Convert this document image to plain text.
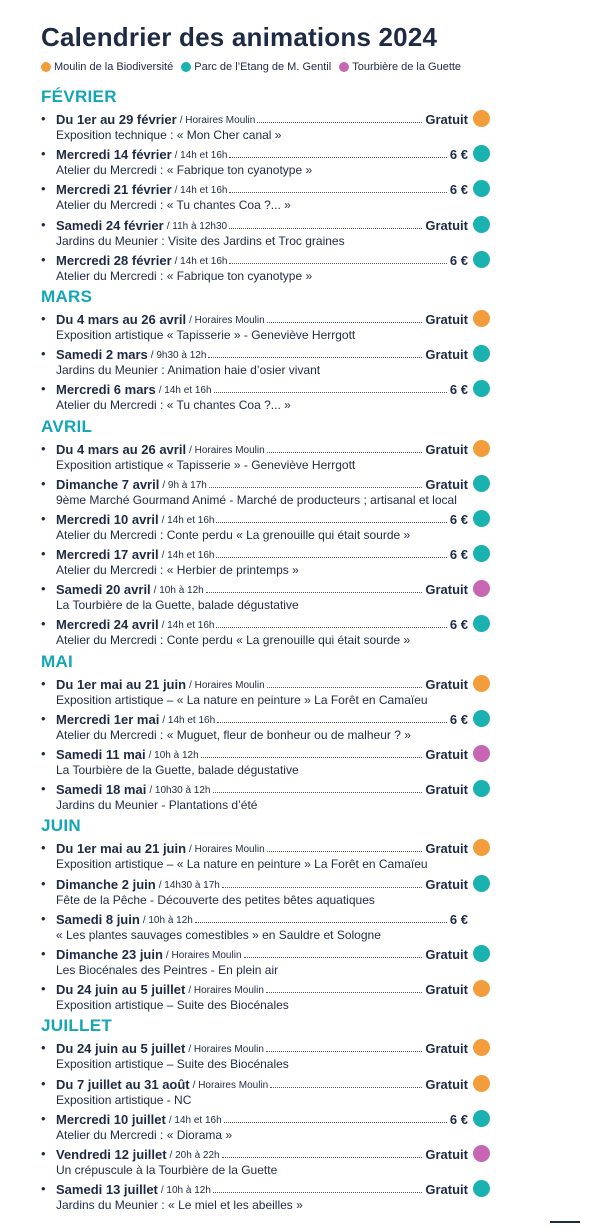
Calendrier des animations 2024
Moulin de la Biodiversité Parc de l’Etang de M. Gentil Tourbière de la Guette
FÉVRIER
• Du 1er au 29 février / Horaires Moulin	Gratuit
Exposition technique : « Mon Cher canal »
• Mercredi 14 février / 14h et 16h	6 €
Atelier du Mercredi : « Fabrique ton cyanotype »
• Mercredi 21 février / 14h et 16h	6 €
Atelier du Mercredi : « Tu chantes Coa ?... »
• Samedi 24 février / 11h à 12h30	Gratuit
Jardins du Meunier : Visite des Jardins et Troc graines
• Mercredi 28 février / 14h et 16h	6 €
Atelier du Mercredi : « Fabrique ton cyanotype »
MARS
• Du 4 mars au 26 avril / Horaires Moulin	Gratuit
Exposition artistique « Tapisserie » - Geneviève Herrgott
• Samedi 2 mars / 9h30 à 12h	Gratuit
Jardins du Meunier : Animation haie d’osier vivant
• Mercredi 6 mars / 14h et 16h	6 €
Atelier du Mercredi : « Tu chantes Coa ?... »
AVRIL
• Du 4 mars au 26 avril / Horaires Moulin	Gratuit
Exposition artistique « Tapisserie » - Geneviève Herrgott
• Dimanche 7 avril / 9h à 17h	Gratuit
9ème Marché Gourmand Animé - Marché de producteurs ; artisanal et local
• Mercredi 10 avril / 14h et 16h	6 €
Atelier du Mercredi : Conte perdu « La grenouille qui était sourde »
• Mercredi 17 avril / 14h et 16h	6 €
Atelier du Mercredi : « Herbier de printemps »
• Samedi 20 avril / 10h à 12h	Gratuit
La Tourbière de la Guette, balade dégustative
• Mercredi 24 avril / 14h et 16h	6 €
Atelier du Mercredi : Conte perdu « La grenouille qui était sourde »
MAI
• Du 1er mai au 21 juin / Horaires Moulin	Gratuit
Exposition artistique – « La nature en peinture » La Forêt en Camaïeu
• Mercredi 1er mai / 14h et 16h	6 €
Atelier du Mercredi : « Muguet, fleur de bonheur ou de malheur ? »
• Samedi 11 mai / 10h à 12h	Gratuit
La Tourbière de la Guette, balade dégustative
• Samedi 18 mai / 10h30 à 12h	Gratuit
Jardins du Meunier - Plantations d’été
JUIN
• Du 1er mai au 21 juin / Horaires Moulin	Gratuit
Exposition artistique – « La nature en peinture » La Forêt en Camaïeu
• Dimanche 2 juin / 14h30 à 17h	Gratuit
Fête de la Pêche - Découverte des petites bêtes aquatiques
• Samedi 8 juin / 10h à 12h	6 €
« Les plantes sauvages comestibles » en Sauldre et Sologne
• Dimanche 23 juin / Horaires Moulin	Gratuit
Les Biocénales des Peintres - En plein air
• Du 24 juin au 5 juillet / Horaires Moulin	Gratuit
Exposition artistique – Suite des Biocénales
JUILLET
• Du 24 juin au 5 juillet / Horaires Moulin	Gratuit
Exposition artistique – Suite des Biocénales
• Du 7 juillet au 31 août / Horaires Moulin	Gratuit
Exposition artistique - NC
• Mercredi 10 juillet / 14h et 16h	6 €
Atelier du Mercredi : « Diorama »
• Vendredi 12 juillet / 20h à 22h	Gratuit
Un crépuscule à la Tourbière de la Guette
• Samedi 13 juillet / 10h à 12h	Gratuit
Jardins du Meunier : « Le miel et les abeilles »
